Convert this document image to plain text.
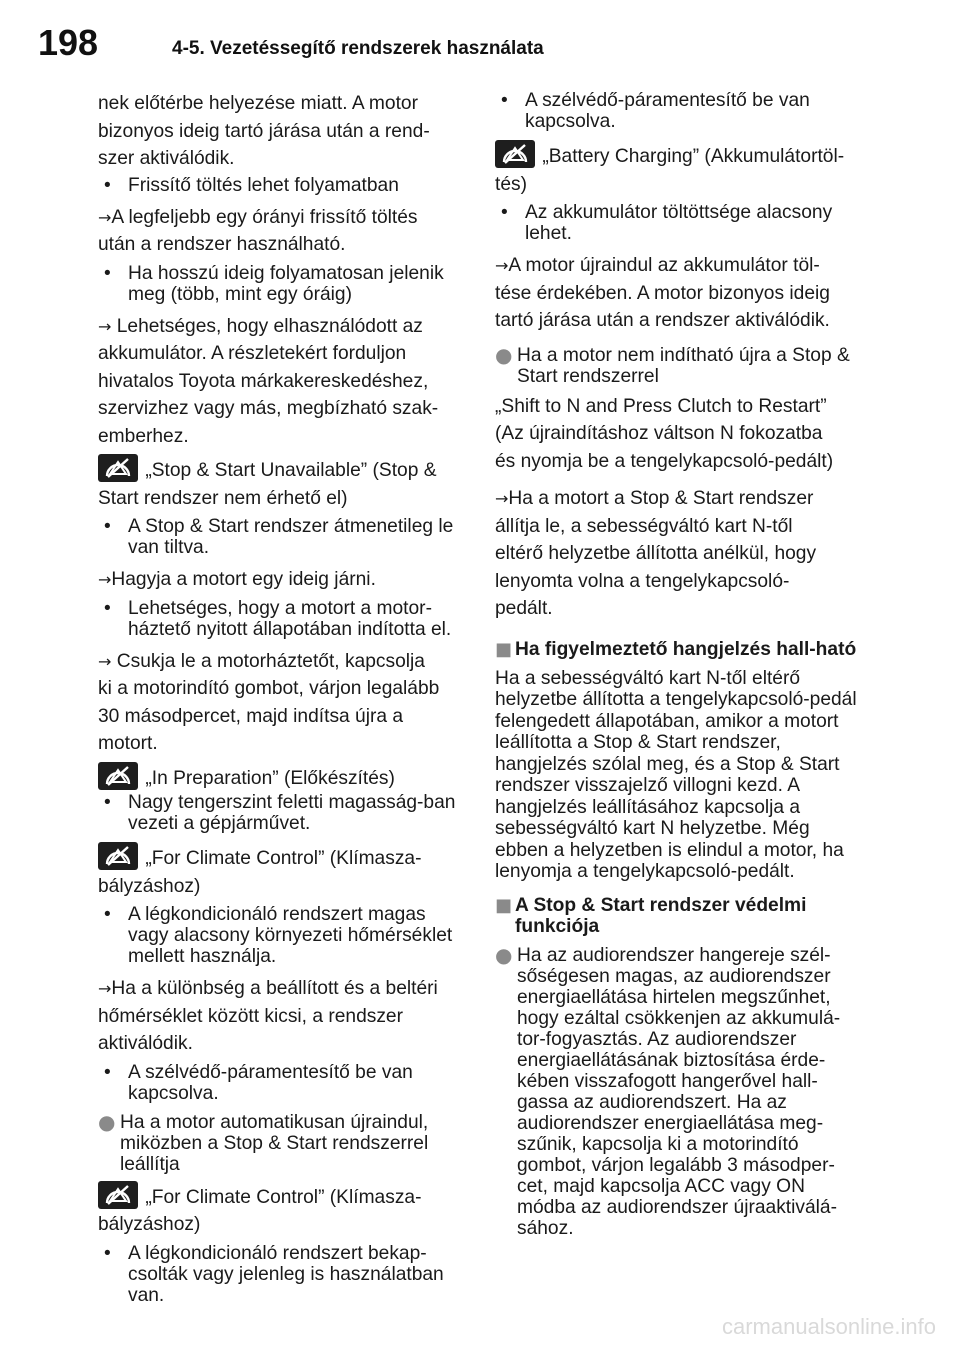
198	4-5. Vezetéssegítő rendszerek használata

nek előtérbe helyezése miatt. A motor

bizonyos ideig tartó járása után a rend-

szer aktiválódik.

• Frissítő töltés lehet folyamatban

→A legfeljebb egy órányi frissítő töltés
után a rendszer használható.

• Ha hosszú ideig folyamatosan jelenik meg (több, mint egy óráig)

→ Lehetséges, hogy elhasználódott az
akkumulátor. A részletekért forduljon
hivatalos Toyota márkakereskedéshez,
szervizhez vagy más, megbízható szak-
emberhez.

„Stop & Start Unavailable” (Stop &
Start rendszer nem érhető el)

• A Stop & Start rendszer átmenetileg le van tiltva.

→Hagyja a motort egy ideig járni.

• Lehetséges, hogy a motort a motor-háztető nyitott állapotában indította el.

→ Csukja le a motorháztetőt, kapcsolja
ki a motorindító gombot, várjon legalább
30 másodpercet, majd indítsa újra a
motort.

„In Preparation” (Előkészítés)

• Nagy tengerszint feletti magasság-ban vezeti a gépjárművet.

„For Climate Control” (Klímasza-
bályzáshoz)

• A légkondicionáló rendszert magas vagy alacsony környezeti hőmérséklet mellett használja.

→Ha a különbség a beállított és a beltéri
hőmérséklet között kicsi, a rendszer
aktiválódik.

• A szélvédő-páramentesítő be van kapcsolva.
● Ha a motor automatikusan újraindul, miközben a Stop & Start rendszerrel leállítja

„For Climate Control” (Klímasza-
bályzáshoz)

• A légkondicionáló rendszert bekap-csolták vagy jelenleg is használatban van.
• A szélvédő-páramentesítő be van kapcsolva.

„Battery Charging” (Akkumulátortöl-
tés)

• Az akkumulátor töltöttsége alacsony lehet.

→A motor újraindul az akkumulátor töl-
tése érdekében. A motor bizonyos ideig
tartó járása után a rendszer aktiválódik.

● Ha a motor nem indítható újra a Stop & Start rendszerrel

„Shift to N and Press Clutch to Restart”

(Az újraindításhoz váltson N fokozatba

és nyomja be a tengelykapcsoló-pedált)

→Ha a motort a Stop & Start rendszer
állítja le, a sebességváltó kart N-től
eltérő helyzetbe állította anélkül, hogy
lenyomta volna a tengelykapcsoló-
pedált.

■ Ha figyelmeztető hangjelzés hall-ható

Ha a sebességváltó kart N-től eltérő helyzetbe állította a tengelykapcsoló-pedál felengedett állapotában, amikor a motort leállította a Stop & Start rendszer, hangjelzés szólal meg, és a Stop & Start rendszer visszajelző villogni kezd. A hangjelzés leállításához kapcsolja a sebességváltó kart N helyzetbe. Még ebben a helyzetben is elindul a motor, ha lenyomja a tengelykapcsoló-pedált.

■ A Stop & Start rendszer védelmi funkciója
● Ha az audiorendszer hangereje szél-sőségesen magas, az audiorendszer energiaellátása hirtelen megszűnhet, hogy ezáltal csökkenjen az akkumulá-tor-fogyasztás. Az audiorendszer energiaellátásának biztosítása érde-kében visszafogott hangerővel hall-gassa az audiorendszert. Ha az audiorendszer energiaellátása meg-szűnik, kapcsolja ki a motorindító gombot, várjon legalább 3 másodper-cet, majd kapcsolja ACC vagy ON módba az audiorendszer újraaktiválá-sához.
carmanualsonline.info
